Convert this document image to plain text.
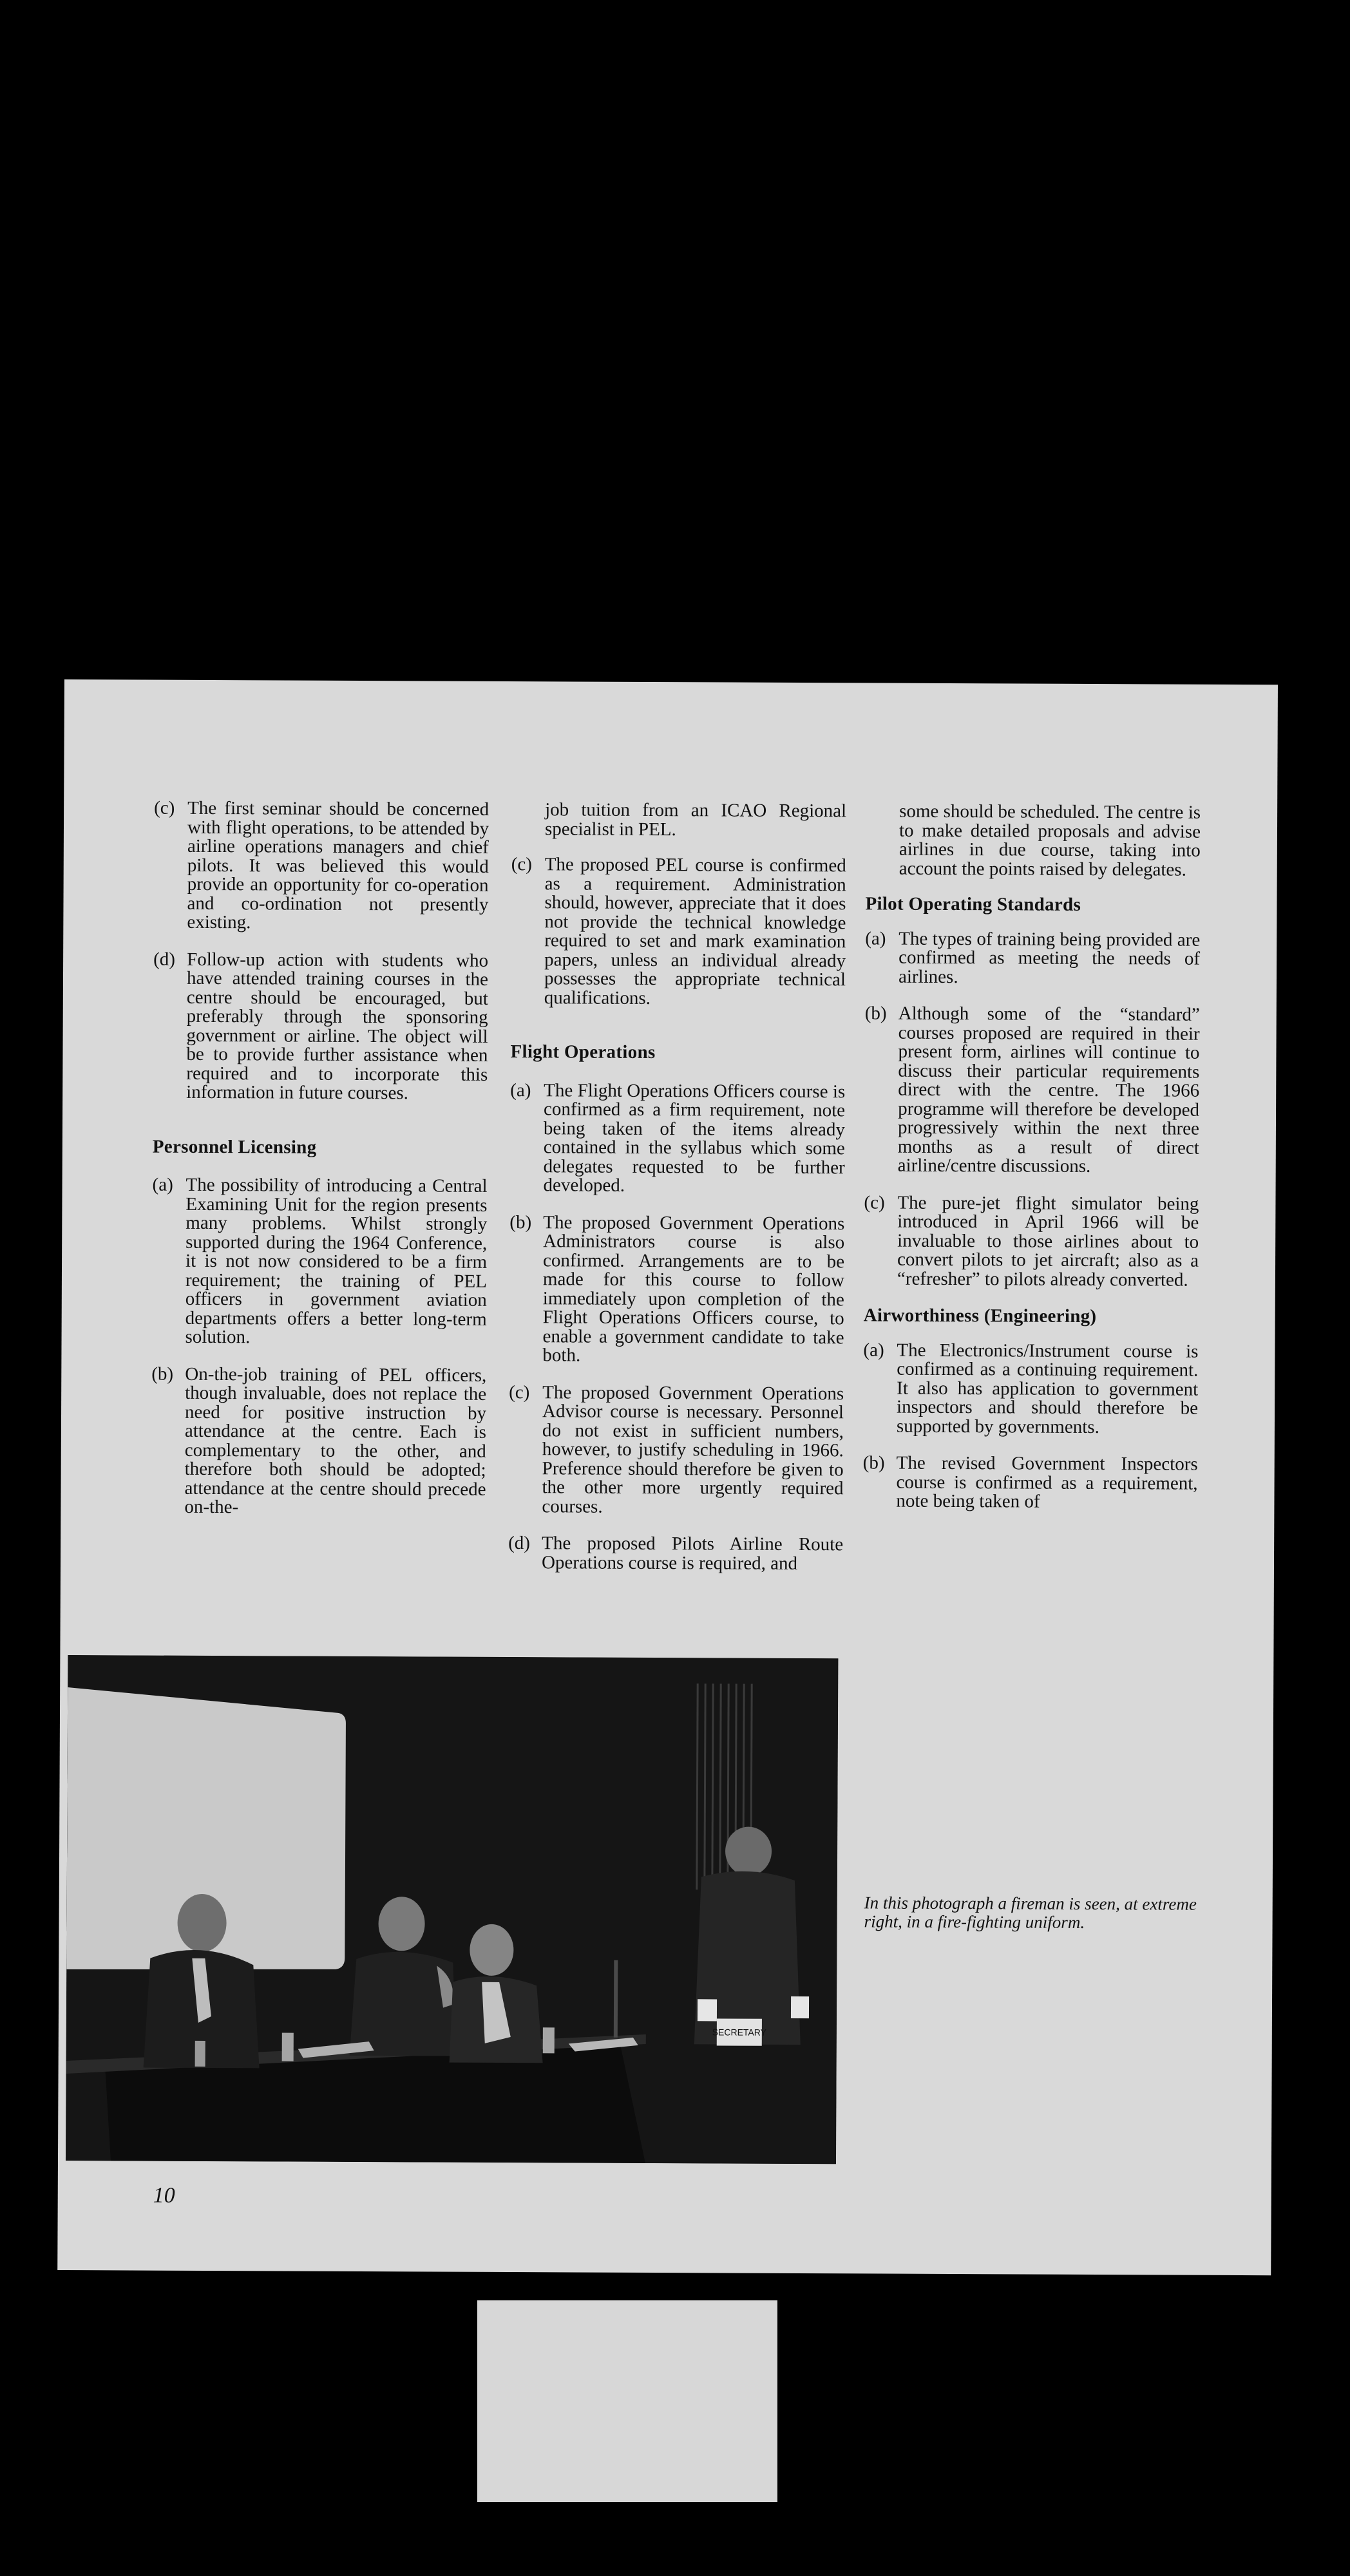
(c) The first seminar should be concerned with flight operations, to be attended by airline operations managers and chief pilots. It was believed this would provide an opportunity for co-operation and co-ordination not presently existing.
(d) Follow-up action with students who have attended training courses in the centre should be encouraged, but preferably through the sponsoring government or airline. The object will be to provide further assistance when required and to incorporate this information in future courses.
Personnel Licensing
(a) The possibility of introducing a Central Examining Unit for the region presents many problems. Whilst strongly supported during the 1964 Conference, it is not now considered to be a firm requirement; the training of PEL officers in government aviation departments offers a better long-term solution.
(b) On-the-job training of PEL officers, though invaluable, does not replace the need for positive instruction by attendance at the centre. Each is complementary to the other, and therefore both should be adopted; attendance at the centre should precede on-the-
job tuition from an ICAO Regional specialist in PEL.
(c) The proposed PEL course is confirmed as a requirement. Administration should, however, appreciate that it does not provide the technical knowledge required to set and mark examination papers, unless an individual already possesses the appropriate technical qualifications.
Flight Operations
(a) The Flight Operations Officers course is confirmed as a firm requirement, note being taken of the items already contained in the syllabus which some delegates requested to be further developed.
(b) The proposed Government Operations Administrators course is also confirmed. Arrangements are to be made for this course to follow immediately upon completion of the Flight Operations Officers course, to enable a government candidate to take both.
(c) The proposed Government Operations Advisor course is necessary. Personnel do not exist in sufficient numbers, however, to justify scheduling in 1966. Preference should therefore be given to the other more urgently required courses.
(d) The proposed Pilots Airline Route Operations course is required, and
some should be scheduled. The centre is to make detailed proposals and advise airlines in due course, taking into account the points raised by delegates.
Pilot Operating Standards
(a) The types of training being provided are confirmed as meeting the needs of airlines.
(b) Although some of the “standard” courses proposed are required in their present form, airlines will continue to discuss their particular requirements direct with the centre. The 1966 programme will therefore be developed progressively within the next three months as a result of direct airline/centre discussions.
(c) The pure-jet flight simulator being introduced in April 1966 will be invaluable to those airlines about to convert pilots to jet aircraft; also as a “refresher” to pilots already converted.
Airworthiness (Engineering)
(a) The Electronics/Instrument course is confirmed as a continuing requirement. It also has application to government inspectors and should therefore be supported by governments.
(b) The revised Government Inspectors course is confirmed as a requirement, note being taken of
SECRETARY
In this photograph a fireman is seen, at extreme right, in a fire-fighting uniform.
10
